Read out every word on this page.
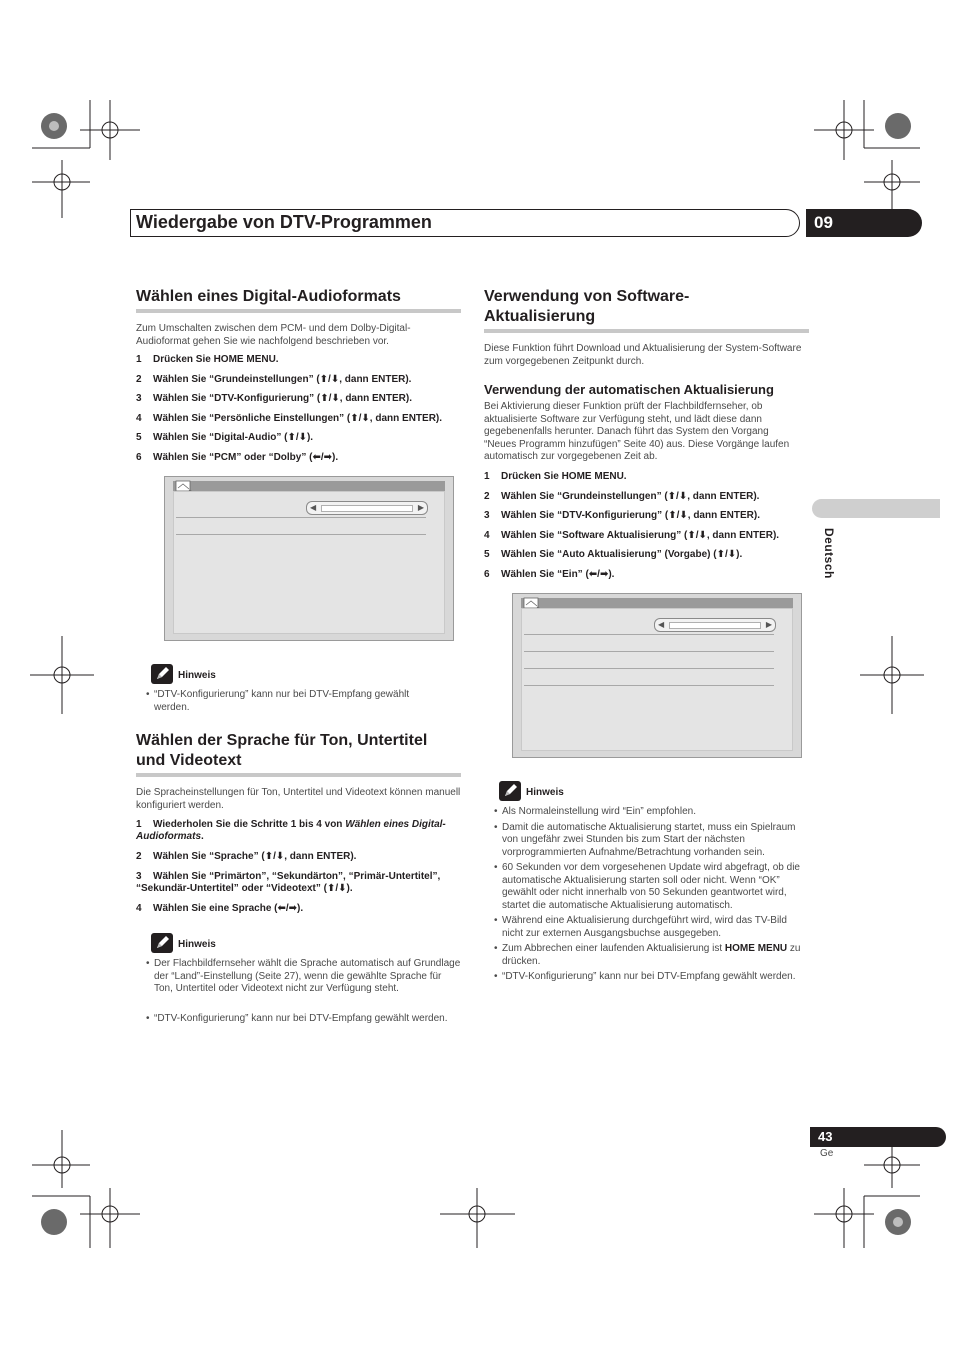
Wiedergabe von DTV-Programmen	09
Deutsch
Wählen eines Digital-Audioformats
Zum Umschalten zwischen dem PCM- und dem Dolby-Digital-Audioformat gehen Sie wie nachfolgend beschrieben vor.
1 Drücken Sie HOME MENU.
2 Wählen Sie “Grundeinstellungen” (⬆/⬇, dann ENTER).
3 Wählen Sie “DTV-Konfigurierung” (⬆/⬇, dann ENTER).
4 Wählen Sie “Persönliche Einstellungen” (⬆/⬇, dann ENTER).
5 Wählen Sie “Digital-Audio” (⬆/⬇).
6 Wählen Sie “PCM” oder “Dolby” (⬅/➡).
◀	▶
Hinweis
• “DTV-Konfigurierung” kann nur bei DTV-Empfang gewählt werden.
Wählen der Sprache für Ton, Untertitel
und Videotext
Die Spracheinstellungen für Ton, Untertitel und Videotext können manuell konfiguriert werden.
1 Wiederholen Sie die Schritte 1 bis 4 von Wählen eines Digital-Audioformats.
2 Wählen Sie “Sprache” (⬆/⬇, dann ENTER).
3 Wählen Sie “Primärton”, “Sekundärton”, “Primär-Untertitel”,
“Sekundär-Untertitel” oder “Videotext” (⬆/⬇).
4 Wählen Sie eine Sprache (⬅/➡).
Hinweis
• Der Flachbildfernseher wählt die Sprache automatisch auf Grundlage der “Land”-Einstellung (Seite 27), wenn die gewählte Sprache für Ton, Untertitel oder Videotext nicht zur Verfügung steht.
• “DTV-Konfigurierung” kann nur bei DTV-Empfang gewählt werden.
Verwendung von Software-
Aktualisierung
Diese Funktion führt Download und Aktualisierung der System-Software zum vorgegebenen Zeitpunkt durch.
Verwendung der automatischen Aktualisierung
Bei Aktivierung dieser Funktion prüft der Flachbildfernseher, ob aktualisierte Software zur Verfügung steht, und lädt diese dann gegebenenfalls herunter. Danach führt das System den Vorgang “Neues Programm hinzufügen” Seite 40) aus. Diese Vorgänge laufen automatisch zur vorgegebenen Zeit ab.
1 Drücken Sie HOME MENU.
2 Wählen Sie “Grundeinstellungen” (⬆/⬇, dann ENTER).
3 Wählen Sie “DTV-Konfigurierung” (⬆/⬇, dann ENTER).
4 Wählen Sie “Software Aktualisierung” (⬆/⬇, dann ENTER).
5 Wählen Sie “Auto Aktualisierung” (Vorgabe) (⬆/⬇).
6 Wählen Sie “Ein” (⬅/➡).
◀	▶
Hinweis
• Als Normaleinstellung wird “Ein” empfohlen.
• Damit die automatische Aktualisierung startet, muss ein Spielraum von ungefähr zwei Stunden bis zum Start der nächsten vorprogrammierten Aufnahme/Betrachtung vorhanden sein.
• 60 Sekunden vor dem vorgesehenen Update wird abgefragt, ob die automatische Aktualisierung starten soll oder nicht. Wenn “OK” gewählt oder nicht innerhalb von 50 Sekunden geantwortet wird, startet die automatische Aktualisierung automatisch.
• Während eine Aktualisierung durchgeführt wird, wird das TV-Bild nicht zur externen Ausgangsbuchse ausgegeben.
• Zum Abbrechen einer laufenden Aktualisierung ist HOME MENU zu drücken.
• “DTV-Konfigurierung” kann nur bei DTV-Empfang gewählt werden.
43
Ge
